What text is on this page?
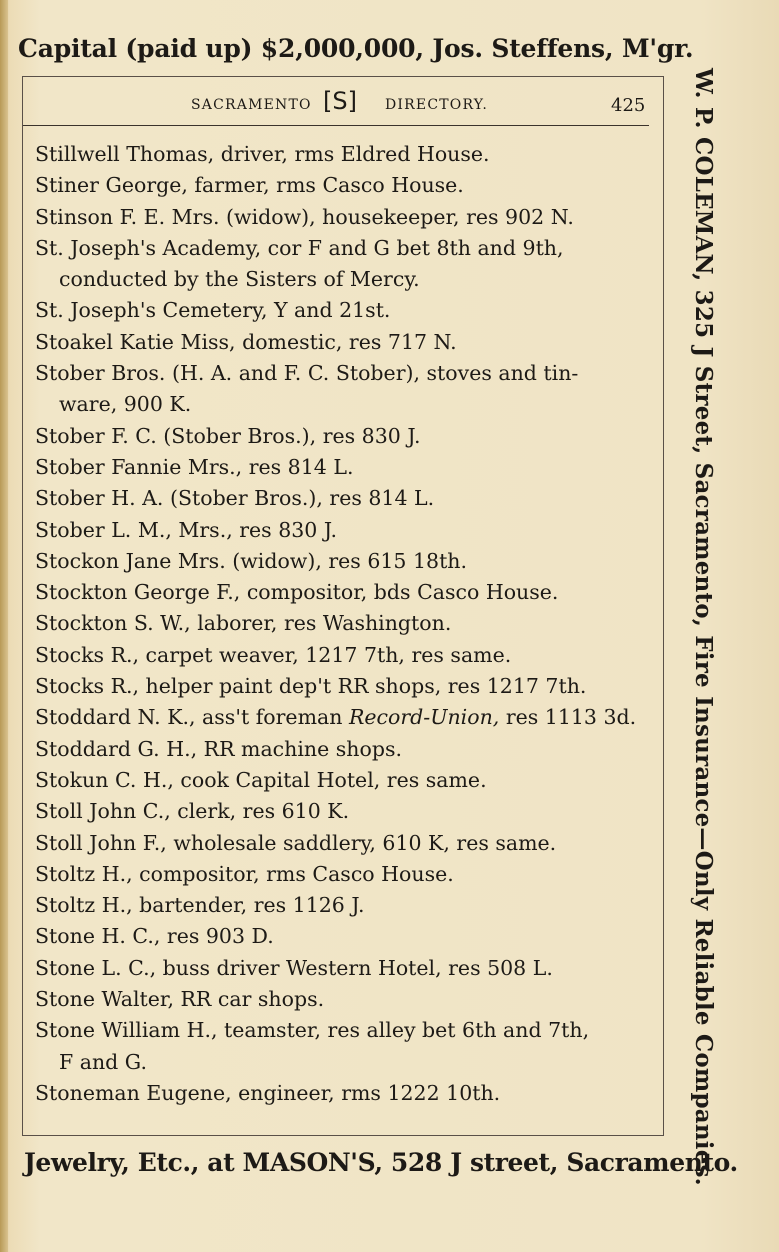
Capital (paid up) $2,000,000, Jos. Steffens, M'gr.
SACRAMENTO [S] DIRECTORY.	425
Stillwell Thomas, driver, rms Eldred House.
Stiner George, farmer, rms Casco House.
Stinson F. E. Mrs. (widow), housekeeper, res 902 N.
St. Joseph's Academy, cor F and G bet 8th and 9th,
conducted by the Sisters of Mercy.
St. Joseph's Cemetery, Y and 21st.
Stoakel Katie Miss, domestic, res 717 N.
Stober Bros. (H. A. and F. C. Stober), stoves and tin-
ware, 900 K.
Stober F. C. (Stober Bros.), res 830 J.
Stober Fannie Mrs., res 814 L.
Stober H. A. (Stober Bros.), res 814 L.
Stober L. M., Mrs., res 830 J.
Stockon Jane Mrs. (widow), res 615 18th.
Stockton George F., compositor, bds Casco House.
Stockton S. W., laborer, res Washington.
Stocks R., carpet weaver, 1217 7th, res same.
Stocks R., helper paint dep't RR shops, res 1217 7th.
Stoddard N. K., ass't foreman Record-Union, res 1113 3d.
Stoddard G. H., RR machine shops.
Stokun C. H., cook Capital Hotel, res same.
Stoll John C., clerk, res 610 K.
Stoll John F., wholesale saddlery, 610 K, res same.
Stoltz H., compositor, rms Casco House.
Stoltz H., bartender, res 1126 J.
Stone H. C., res 903 D.
Stone L. C., buss driver Western Hotel, res 508 L.
Stone Walter, RR car shops.
Stone William H., teamster, res alley bet 6th and 7th,
F and G.
Stoneman Eugene, engineer, rms 1222 10th.	W. P. COLEMAN, 325 J Street, Sacramento, Fire Insurance—Only Reliable Companies.
Jewelry, Etc., at MASON'S, 528 J street, Sacramento.
